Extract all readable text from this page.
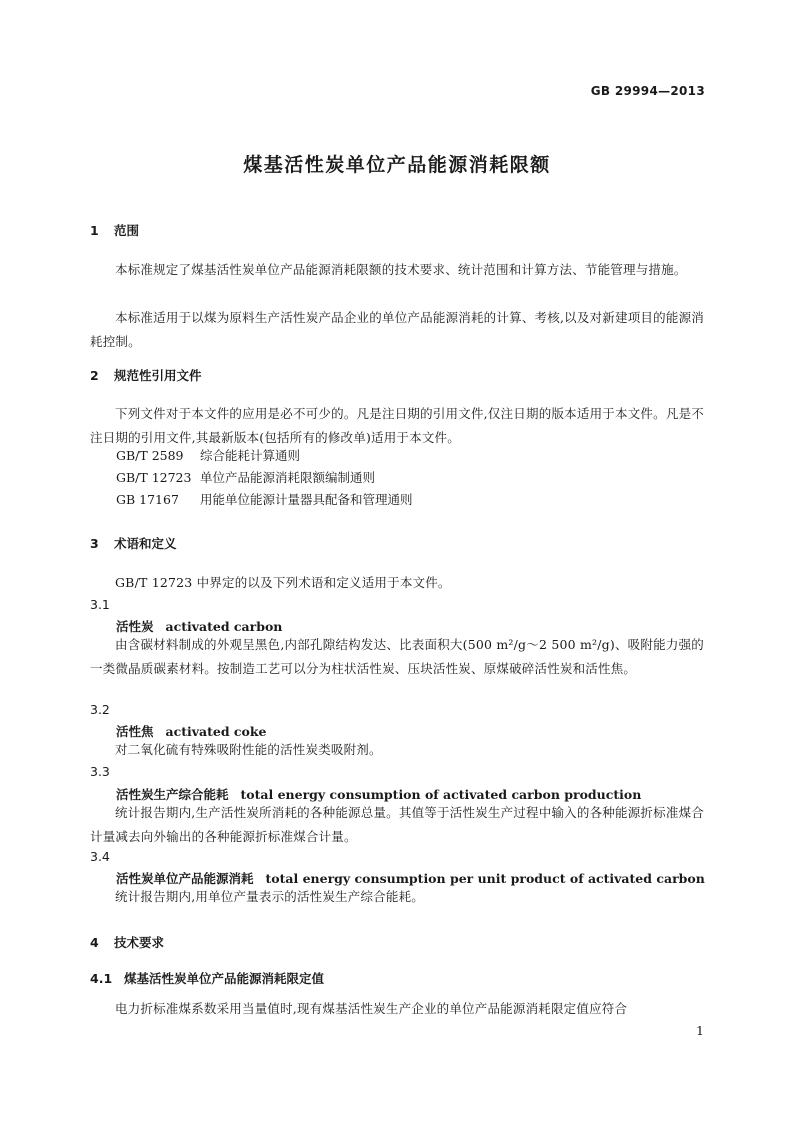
GB 29994—2013
煤基活性炭单位产品能源消耗限额
1 范围
本标准规定了煤基活性炭单位产品能源消耗限额的技术要求、统计范围和计算方法、节能管理与措施。
本标准适用于以煤为原料生产活性炭产品企业的单位产品能源消耗的计算、考核,以及对新建项目的能源消耗控制。
2 规范性引用文件
下列文件对于本文件的应用是必不可少的。凡是注日期的引用文件,仅注日期的版本适用于本文件。凡是不注日期的引用文件,其最新版本(包括所有的修改单)适用于本文件。
GB/T 2589 综合能耗计算通则
GB/T 12723 单位产品能源消耗限额编制通则
GB 17167 用能单位能源计量器具配备和管理通则
3 术语和定义
GB/T 12723 中界定的以及下列术语和定义适用于本文件。
3.1
活性炭 activated carbon
由含碳材料制成的外观呈黑色,内部孔隙结构发达、比表面积大(500 m²/g～2 500 m²/g)、吸附能力强的一类微晶质碳素材料。按制造工艺可以分为柱状活性炭、压块活性炭、原煤破碎活性炭和活性焦。
3.2
活性焦 activated coke
对二氧化硫有特殊吸附性能的活性炭类吸附剂。
3.3
活性炭生产综合能耗 total energy consumption of activated carbon production
统计报告期内,生产活性炭所消耗的各种能源总量。其值等于活性炭生产过程中输入的各种能源折标准煤合计量减去向外输出的各种能源折标准煤合计量。
3.4
活性炭单位产品能源消耗 total energy consumption per unit product of activated carbon
统计报告期内,用单位产量表示的活性炭生产综合能耗。
4 技术要求
4.1 煤基活性炭单位产品能源消耗限定值
电力折标准煤系数采用当量值时,现有煤基活性炭生产企业的单位产品能源消耗限定值应符合
1
